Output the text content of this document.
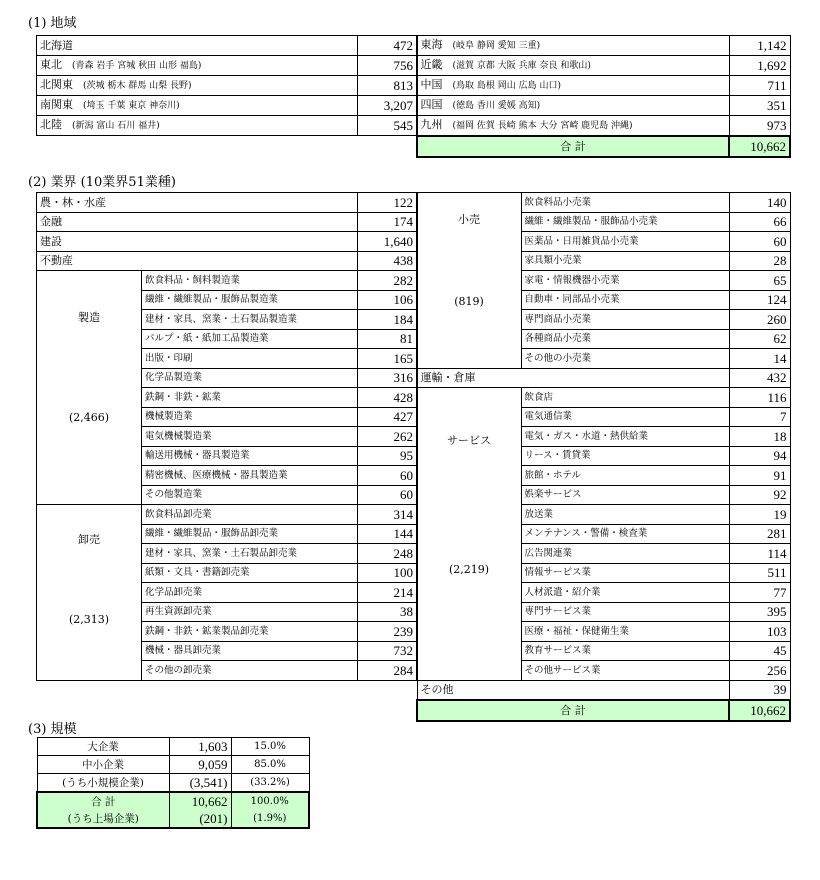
(1) 地域
北海道	472
東北 (青森 岩手 宮城 秋田 山形 福島)	756
北関東 (茨城 栃木 群馬 山梨 長野)	813
南関東 (埼玉 千葉 東京 神奈川)	3,207
北陸 (新潟 富山 石川 福井)	545
東海 (岐阜 静岡 愛知 三重)	1,142
近畿 (滋賀 京都 大阪 兵庫 奈良 和歌山)	1,692
中国 (鳥取 島根 岡山 広島 山口)	711
四国 (徳島 香川 愛媛 高知)	351
九州 (福岡 佐賀 長崎 熊本 大分 宮崎 鹿児島 沖縄)	973
合 計	10,662
(2) 業界 (10業界51業種)
農・林・水産		122
金融		174
建設		1,640
不動産		438

製造
(2,466)	飲食料品・飼料製造業	282
	繊維・繊維製品・服飾品製造業	106
	建材・家具、窯業・土石製品製造業	184
	パルプ・紙・紙加工品製造業	81
	出版・印刷	165
	化学品製造業	316
	鉄鋼・非鉄・鉱業	428
	機械製造業	427
	電気機械製造業	262
	輸送用機械・器具製造業	95
	精密機械、医療機械・器具製造業	60
	その他製造業	60

卸売
(2,313)	飲食料品卸売業	314
	繊維・繊維製品・服飾品卸売業	144
	建材・家具、窯業・土石製品卸売業	248
	紙類・文具・書籍卸売業	100
	化学品卸売業	214
	再生資源卸売業	38
	鉄鋼・非鉄・鉱業製品卸売業	239
	機械・器具卸売業	732
	その他の卸売業	284
小売
(819)	飲食料品小売業	140
	繊維・繊維製品・服飾品小売業	66
	医薬品・日用雑貨品小売業	60
	家具類小売業	28
	家電・情報機器小売業	65
	自動車・同部品小売業	124
	専門商品小売業	260
	各種商品小売業	62
	その他の小売業	14
運輸・倉庫		432

サービス
(2,219)	飲食店	116
	電気通信業	7
	電気・ガス・水道・熱供給業	18
	リース・賃貸業	94
	旅館・ホテル	91
	娯楽サービス	92
	放送業	19
	メンテナンス・警備・検査業	281
	広告関連業	114
	情報サービス業	511
	人材派遣・紹介業	77
	専門サービス業	395
	医療・福祉・保健衛生業	103
	教育サービス業	45
	その他サービス業	256
その他		39
合 計		10,662
(3) 規模
大企業	1,603	15.0%
中小企業	9,059	85.0%
(うち小規模企業)	(3,541)	(33.2%)
合 計	10,662	100.0%
(うち上場企業)	(201)	(1.9%)
